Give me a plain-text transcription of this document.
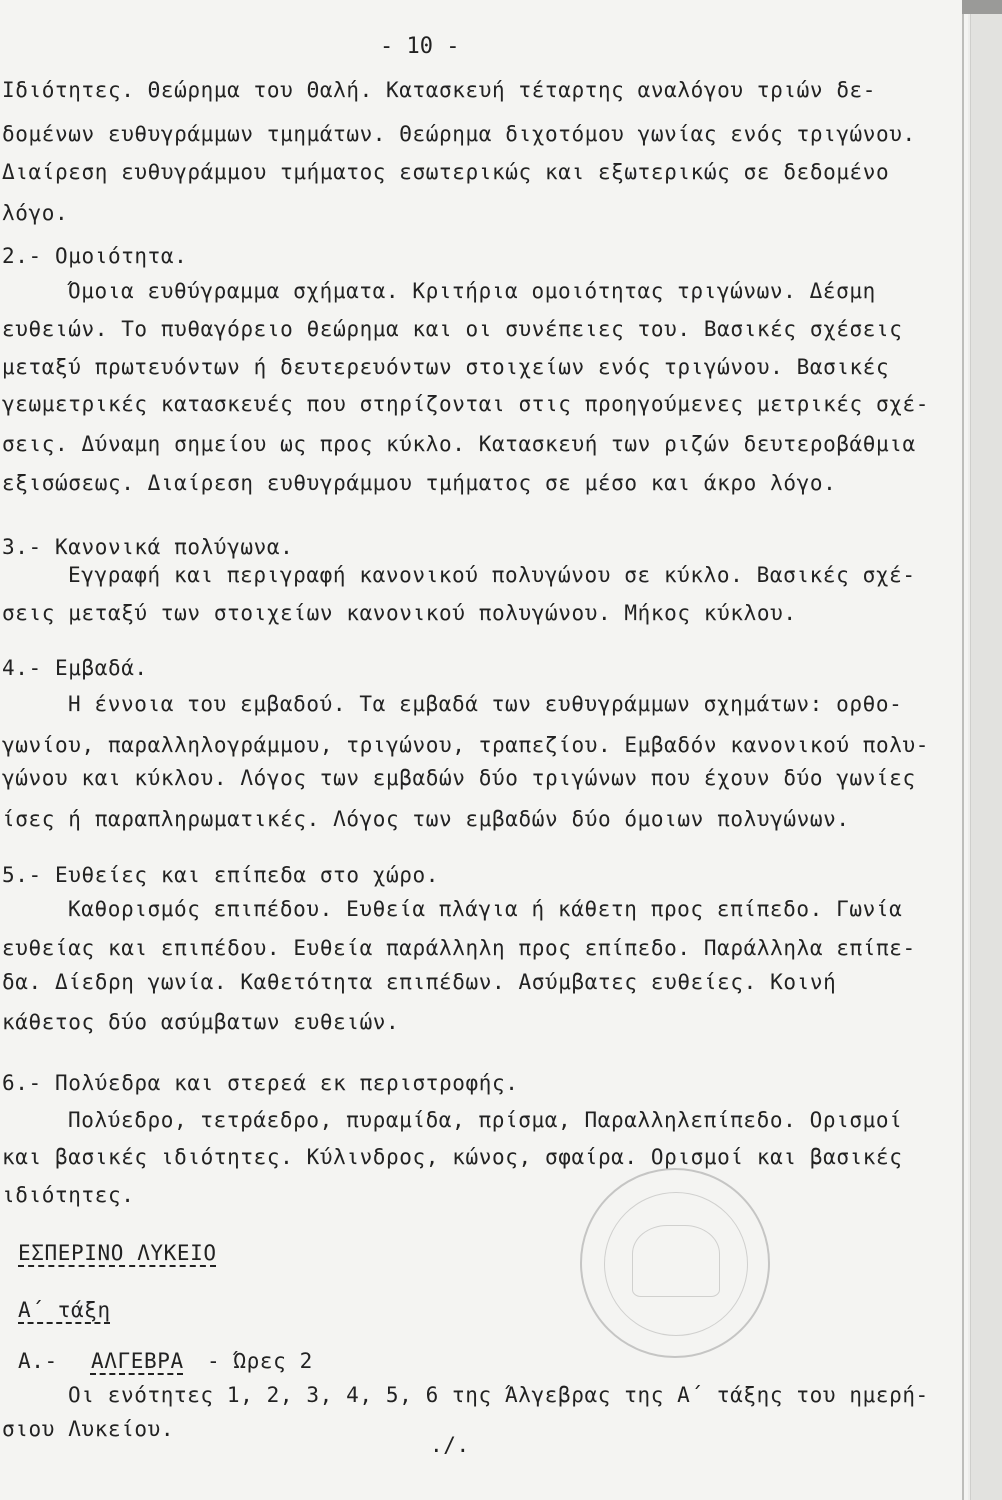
- 10 -
Ιδιότητες. Θεώρημα του Θαλή. Κατασκευή τέταρτης αναλόγου τριών δε-
δομένων ευθυγράμμων τμημάτων. Θεώρημα διχοτόμου γωνίας ενός τριγώνου.
Διαίρεση ευθυγράμμου τμήματος εσωτερικώς και εξωτερικώς σε δεδομένο
λόγο.
2.- Ομοιότητα.
Όμοια ευθύγραμμα σχήματα. Κριτήρια ομοιότητας τριγώνων. Δέσμη
ευθειών. Το πυθαγόρειο θεώρημα και οι συνέπειες του. Βασικές σχέσεις
μεταξύ πρωτευόντων ή δευτερευόντων στοιχείων ενός τριγώνου. Βασικές
γεωμετρικές κατασκευές που στηρίζονται στις προηγούμενες μετρικές σχέ-
σεις. Δύναμη σημείου ως προς κύκλο. Κατασκευή των ριζών δευτεροβάθμια
εξισώσεως. Διαίρεση ευθυγράμμου τμήματος σε μέσο και άκρο λόγο.
3.- Κανονικά πολύγωνα.
Εγγραφή και περιγραφή κανονικού πολυγώνου σε κύκλο. Βασικές σχέ-
σεις μεταξύ των στοιχείων κανονικού πολυγώνου. Μήκος κύκλου.
4.- Εμβαδά.
Η έννοια του εμβαδού. Τα εμβαδά των ευθυγράμμων σχημάτων: ορθο-
γωνίου, παραλληλογράμμου, τριγώνου, τραπεζίου. Εμβαδόν κανονικού πολυ-
γώνου και κύκλου. Λόγος των εμβαδών δύο τριγώνων που έχουν δύο γωνίες
ίσες ή παραπληρωματικές. Λόγος των εμβαδών δύο όμοιων πολυγώνων.
5.- Ευθείες και επίπεδα στο χώρο.
Καθορισμός επιπέδου. Ευθεία πλάγια ή κάθετη προς επίπεδο. Γωνία
ευθείας και επιπέδου. Ευθεία παράλληλη προς επίπεδο. Παράλληλα επίπε-
δα. Δίεδρη γωνία. Καθετότητα επιπέδων. Ασύμβατες ευθείες. Κοινή
κάθετος δύο ασύμβατων ευθειών.
6.- Πολύεδρα και στερεά εκ περιστροφής.
Πολύεδρο, τετράεδρο, πυραμίδα, πρίσμα, Παραλληλεπίπεδο. Ορισμοί
και βασικές ιδιότητες. Κύλινδρος, κώνος, σφαίρα. Ορισμοί και βασικές
ιδιότητες.
ΕΣΠΕΡΙΝΟ ΛΥΚΕΙΟ
Α΄ τάξη
Α.- ΑΛΓΕΒΡΑ - Ώρες 2
Οι ενότητες 1, 2, 3, 4, 5, 6 της Άλγεβρας της Α΄ τάξης του ημερή-
σιου Λυκείου.
./.
